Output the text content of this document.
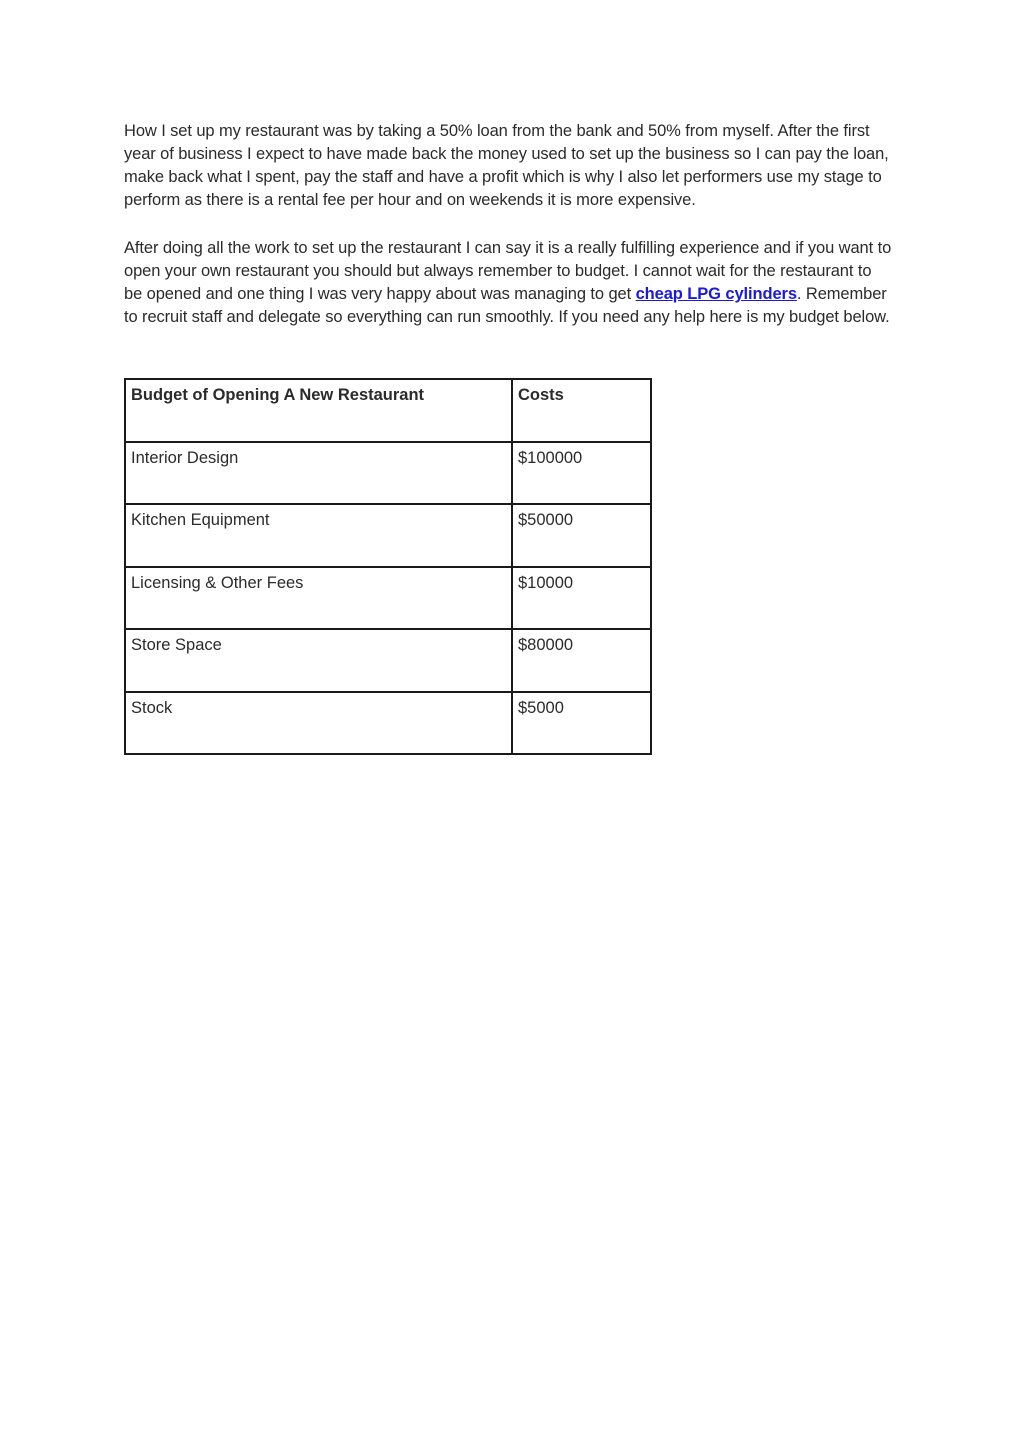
How I set up my restaurant was by taking a 50% loan from the bank and 50% from myself. After the first year of business I expect to have made back the money used to set up the business so I can pay the loan, make back what I spent, pay the staff and have a profit which is why I also let performers use my stage to perform as there is a rental fee per hour and on weekends it is more expensive.

After doing all the work to set up the restaurant I can say it is a really fulfilling experience and if you want to open your own restaurant you should but always remember to budget. I cannot wait for the restaurant to be opened and one thing I was very happy about was managing to get cheap LPG cylinders. Remember to recruit staff and delegate so everything can run smoothly. If you need any help here is my budget below.

Budget of Opening A New Restaurant	Costs
Interior Design	$100000
Kitchen Equipment	$50000
Licensing & Other Fees	$10000
Store Space	$80000
Stock	$5000
